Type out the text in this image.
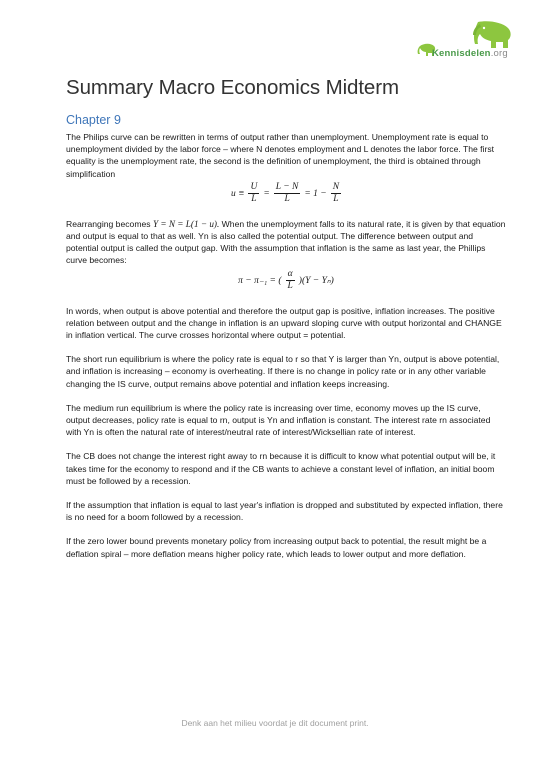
Kennisdelen.org
Summary Macro Economics Midterm
Chapter 9

The Philips curve can be rewritten in terms of output rather than unemployment. Unemployment rate is equal to unemployment divided by the labor force – where N denotes employment and L denotes the labor force. The first equality is the unemployment rate, the second is the definition of unemployment, the third is obtained through simplification

$u \equiv \frac{U}{L} = \frac{L - N}{L} = 1 - \frac{N}{L}$

Rearranging becomes Y = N = L(1 − u). When the unemployment falls to its natural rate, it is given by that equation and output is equal to that as well. Yn is also called the potential output. The difference between output and potential output is called the output gap. With the assumption that inflation is the same as last year, the Phillips curve becomes:

π − π₋₁ = ( $\frac{\alpha}{L} )(Y - Y_n)$

In words, when output is above potential and therefore the output gap is positive, inflation increases. The positive relation between output and the change in inflation is an upward sloping curve with output horizontal and CHANGE in inflation vertical. The curve crosses horizontal where output = potential.

The short run equilibrium is where the policy rate is equal to r so that Y is larger than Yn, output is above potential, and inflation is increasing – economy is overheating. If there is no change in policy rate or in any other variable changing the IS curve, output remains above potential and inflation keeps increasing.

The medium run equilibrium is where the policy rate is increasing over time, economy moves up the IS curve, output decreases, policy rate is equal to rn, output is Yn and inflation is constant. The interest rate rn associated with Yn is often the natural rate of interest/neutral rate of interest/Wicksellian rate of interest.

The CB does not change the interest right away to rn because it is difficult to know what potential output will be, it takes time for the economy to respond and if the CB wants to achieve a constant level of inflation, an initial boom must be followed by a recession.

If the assumption that inflation is equal to last year's inflation is dropped and substituted by expected inflation, there is no need for a boom followed by a recession.

If the zero lower bound prevents monetary policy from increasing output back to potential, the result might be a deflation spiral – more deflation means higher policy rate, which leads to lower output and more deflation.

Denk aan het milieu voordat je dit document print.
